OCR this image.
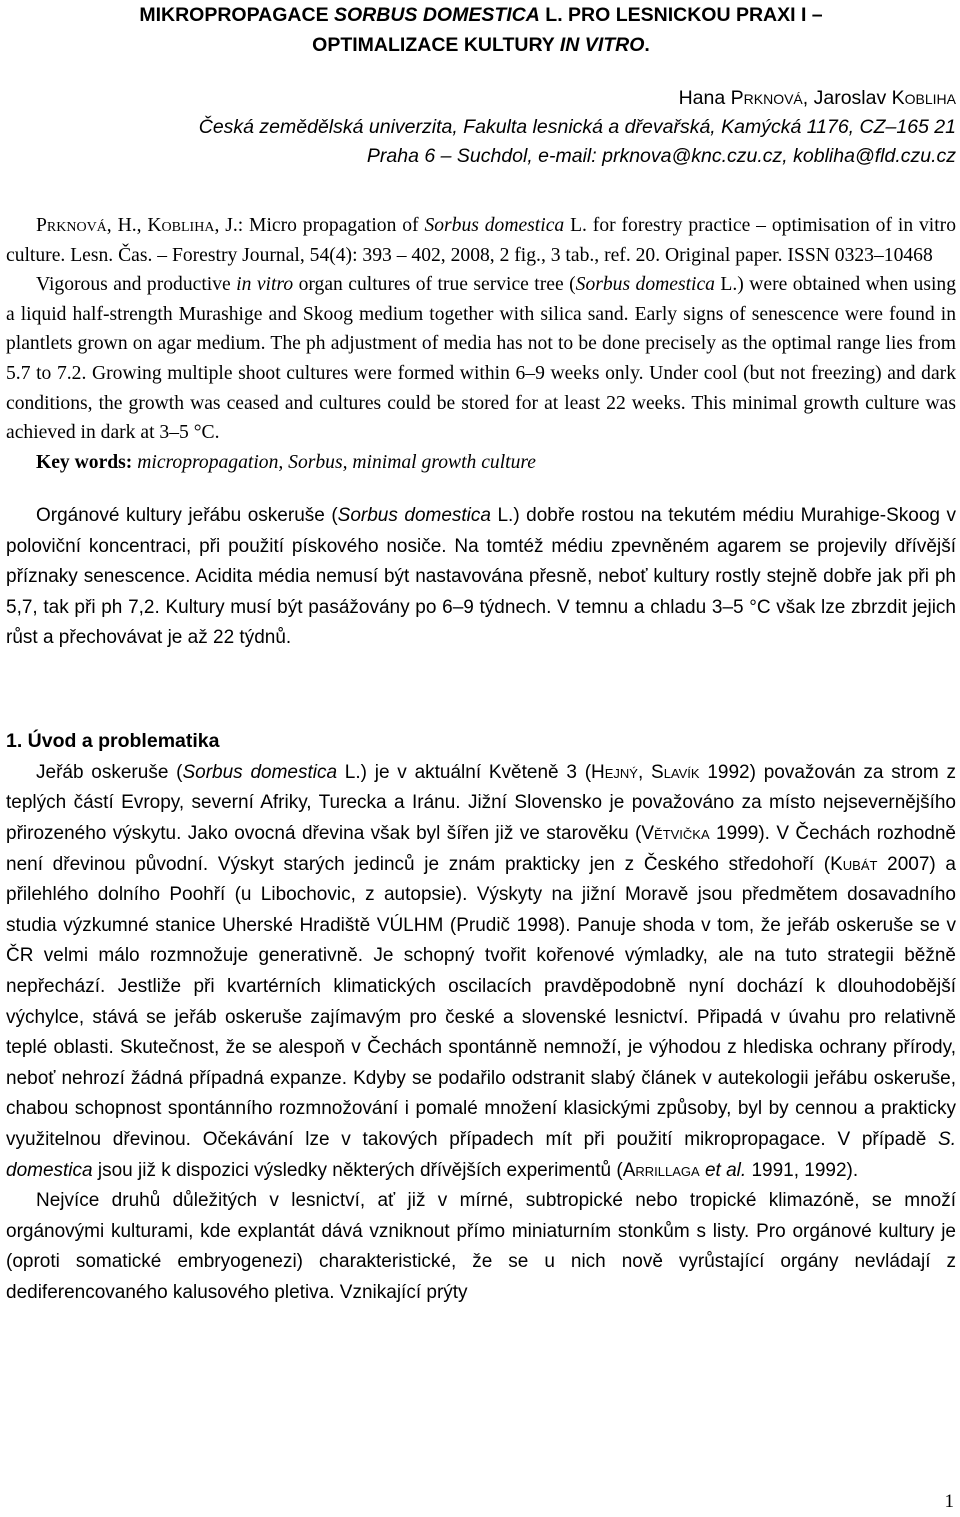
MIKROPROPAGACE SORBUS DOMESTICA L. PRO LESNICKOU PRAXI I –
OPTIMALIZACE KULTURY IN VITRO.
Hana Prknová, Jaroslav Kobliha
Česká zemědělská univerzita, Fakulta lesnická a dřevařská, Kamýcká 1176, CZ–165 21
Praha 6 – Suchdol, e-mail: prknova@knc.czu.cz, kobliha@fld.czu.cz

Prknová, H., Kobliha, J.: Micro propagation of Sorbus domestica L. for forestry practice – optimisation of in vitro culture. Lesn. Čas. – Forestry Journal, 54(4): 393 – 402, 2008, 2 fig., 3 tab., ref. 20. Original paper. ISSN 0323–10468

Vigorous and productive in vitro organ cultures of true service tree (Sorbus domestica L.) were obtained when using a liquid half-strength Murashige and Skoog medium together with silica sand. Early signs of senescence were found in plantlets grown on agar medium. The ph adjustment of media has not to be done precisely as the optimal range lies from 5.7 to 7.2. Growing multiple shoot cultures were formed within 6–9 weeks only. Under cool (but not freezing) and dark conditions, the growth was ceased and cultures could be stored for at least 22 weeks. This minimal growth culture was achieved in dark at 3–5 °C.

Key words: micropropagation, Sorbus, minimal growth culture

Orgánové kultury jeřábu oskeruše (Sorbus domestica L.) dobře rostou na tekutém médiu Murahige-Skoog v poloviční koncentraci, při použití pískového nosiče. Na tomtéž médiu zpevněném agarem se projevily dřívější příznaky senescence. Acidita média nemusí být nastavována přesně, neboť kultury rostly stejně dobře jak při ph 5,7, tak při ph 7,2. Kultury musí být pasážovány po 6–9 týdnech. V temnu a chladu 3–5 °C však lze zbrzdit jejich růst a přechovávat je až 22 týdnů.

1. Úvod a problematika

Jeřáb oskeruše (Sorbus domestica L.) je v aktuální Květeně 3 (Hejný, Slavík 1992) považován za strom z teplých částí Evropy, severní Afriky, Turecka a Iránu. Jižní Slovensko je považováno za místo nejsevernějšího přirozeného výskytu. Jako ovocná dřevina však byl šířen již ve starověku (Větvička 1999). V Čechách rozhodně není dřevinou původní. Výskyt starých jedinců je znám prakticky jen z Českého středohoří (Kubát 2007) a přilehlého dolního Poohří (u Libochovic, z autopsie). Výskyty na jižní Moravě jsou předmětem dosavadního studia výzkumné stanice Uherské Hradiště VÚLHM (Prudič 1998). Panuje shoda v tom, že jeřáb oskeruše se v ČR velmi málo rozmnožuje generativně. Je schopný tvořit kořenové výmladky, ale na tuto strategii běžně nepřechází. Jestliže při kvartérních klimatických oscilacích pravděpodobně nyní dochází k dlouhodobější výchylce, stává se jeřáb oskeruše zajímavým pro české a slovenské lesnictví. Připadá v úvahu pro relativně teplé oblasti. Skutečnost, že se alespoň v Čechách spontánně nemnoží, je výhodou z hlediska ochrany přírody, neboť nehrozí žádná případná expanze. Kdyby se podařilo odstranit slabý článek v autekologii jeřábu oskeruše, chabou schopnost spontánního rozmnožování i pomalé množení klasickými způsoby, byl by cennou a prakticky využitelnou dřevinou. Očekávání lze v takových případech mít při použití mikropropagace. V případě S. domestica jsou již k dispozici výsledky některých dřívějších experimentů (Arrillaga et al. 1991, 1992).

Nejvíce druhů důležitých v lesnictví, ať již v mírné, subtropické nebo tropické klimazóně, se množí orgánovými kulturami, kde explantát dává vzniknout přímo miniaturním stonkům s listy. Pro orgánové kultury je (oproti somatické embryogenezi) charakteristické, že se u nich nově vyrůstající orgány nevládají z dediferencovaného kalusového pletiva. Vznikající prýty

1
